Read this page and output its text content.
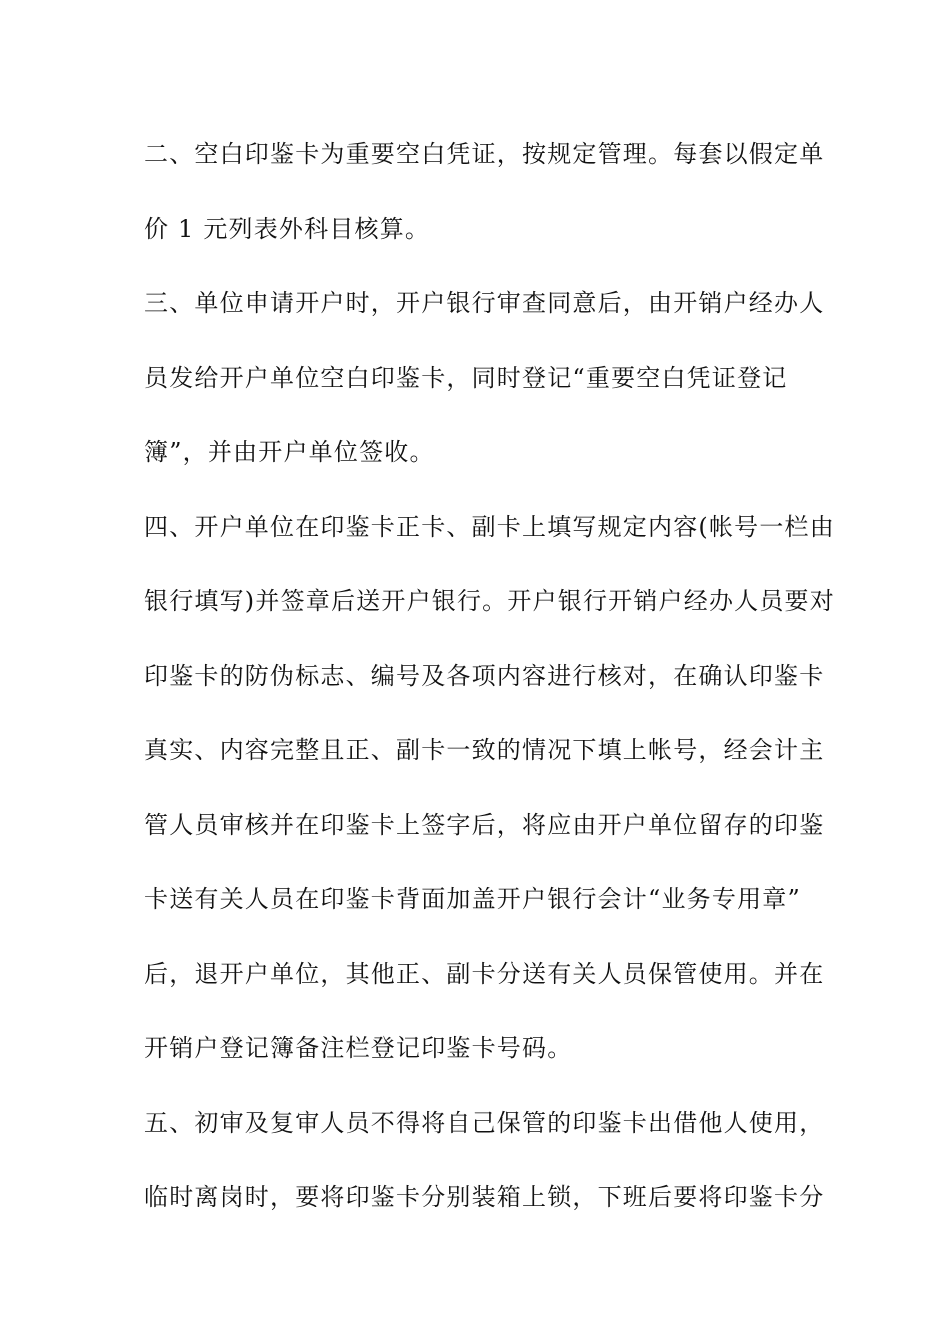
二、空白印鉴卡为重要空白凭证，按规定管理。每套以假定单
价 1 元列表外科目核算。
三、单位申请开户时，开户银行审查同意后，由开销户经办人
员发给开户单位空白印鉴卡，同时登记“重要空白凭证登记
簿”，并由开户单位签收。
四、开户单位在印鉴卡正卡、副卡上填写规定内容(帐号一栏由
银行填写)并签章后送开户银行。开户银行开销户经办人员要对
印鉴卡的防伪标志、编号及各项内容进行核对，在确认印鉴卡
真实、内容完整且正、副卡一致的情况下填上帐号，经会计主
管人员审核并在印鉴卡上签字后，将应由开户单位留存的印鉴
卡送有关人员在印鉴卡背面加盖开户银行会计“业务专用章”
后，退开户单位，其他正、副卡分送有关人员保管使用。并在
开销户登记簿备注栏登记印鉴卡号码。
五、初审及复审人员不得将自己保管的印鉴卡出借他人使用，
临时离岗时，要将印鉴卡分别装箱上锁，下班后要将印鉴卡分
